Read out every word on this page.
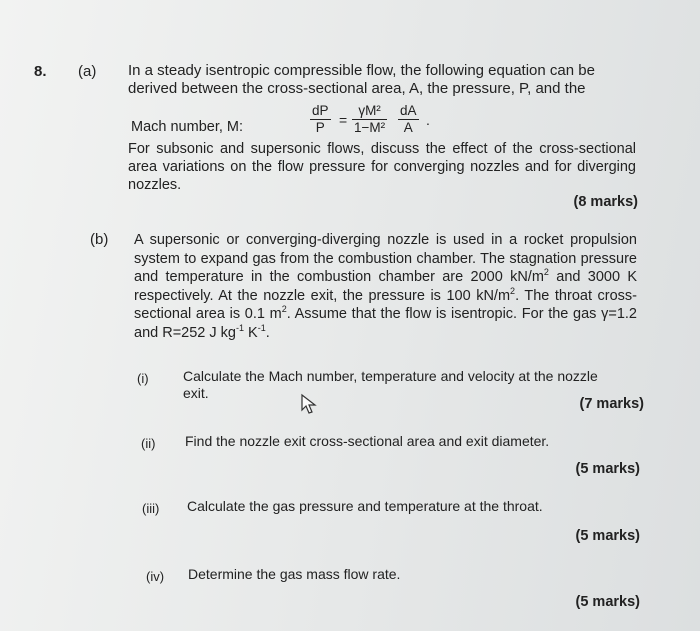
8. (a) In a steady isentropic compressible flow, the following equation can be
derived between the cross-sectional area, A, the pressure, P, and the
Mach number, M:	$\frac{dP}{P} = \frac{\text{γM²}}{\text{1−M²}} \frac{dA}{A}$ .
For subsonic and supersonic flows, discuss the effect of the cross-sectional area variations on the flow pressure for converging nozzles and for diverging nozzles.
(8 marks)
(b) A supersonic or converging-diverging nozzle is used in a rocket propulsion system to expand gas from the combustion chamber. The stagnation pressure and temperature in the combustion chamber are 2000 $kN/m^2$ and 3000 K respectively. At the nozzle exit, the pressure is 100 $kN/m^2$. The throat cross-sectional area is 0.1 $m^2$. Assume that the flow is isentropic. For the gas γ=1.2 and R=252 J $kg^{-1}$ $K^{-1}$.
(i) Calculate the Mach number, temperature and velocity at the nozzle
exit.
(7 marks)
(ii) Find the nozzle exit cross-sectional area and exit diameter.
(5 marks)
(iii) Calculate the gas pressure and temperature at the throat.
(5 marks)
(iv) Determine the gas mass flow rate.
(5 marks)
